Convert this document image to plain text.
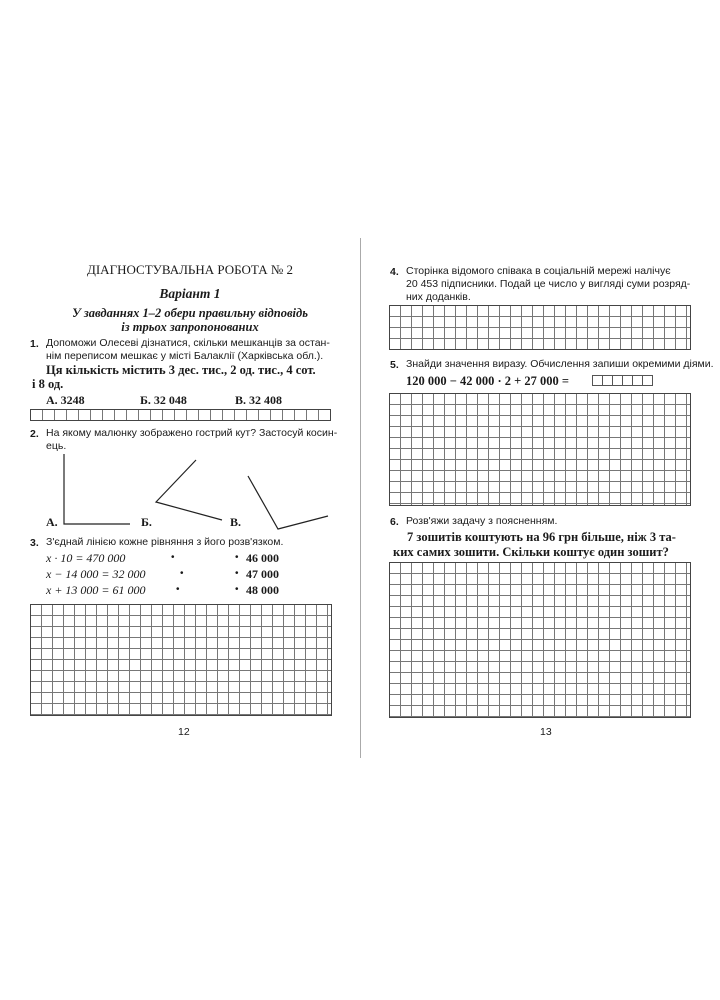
ДІАГНОСТУВАЛЬНА РОБОТА № 2
Варіант 1
У завданнях 1–2 обери правильну відповідь
із трьох запропонованих
1. Допоможи Олесеві дізнатися, скільки мешканців за остан-
нім переписом мешкає у місті Балаклії (Харківська обл.).
Ця кількість містить 3 дес. тис., 2 од. тис., 4 сот.
і 8 од.
А. 3248	Б. 32 048	В. 32 408
2. На якому малюнку зображено гострий кут? Застосуй косин-
ець.
А.	Б.	В.
3. З'єднай лінією кожне рівняння з його розв'язком.
x · 10 = 470 000
x − 14 000 = 32 000
x + 13 000 = 61 000
•
•
•
•
•
•
46 000
47 000
48 000
12
4. Сторінка відомого співака в соціальній мережі налічує
20 453 підписники. Подай це число у вигляді суми розряд-
них доданків.
5. Знайди значення виразу. Обчислення запиши окремими діями.
120 000 − 42 000 · 2 + 27 000 =
6. Розв'яжи задачу з поясненням.
7 зошитів коштують на 96 грн більше, ніж 3 та-
ких самих зошити. Скільки коштує один зошит?
13
